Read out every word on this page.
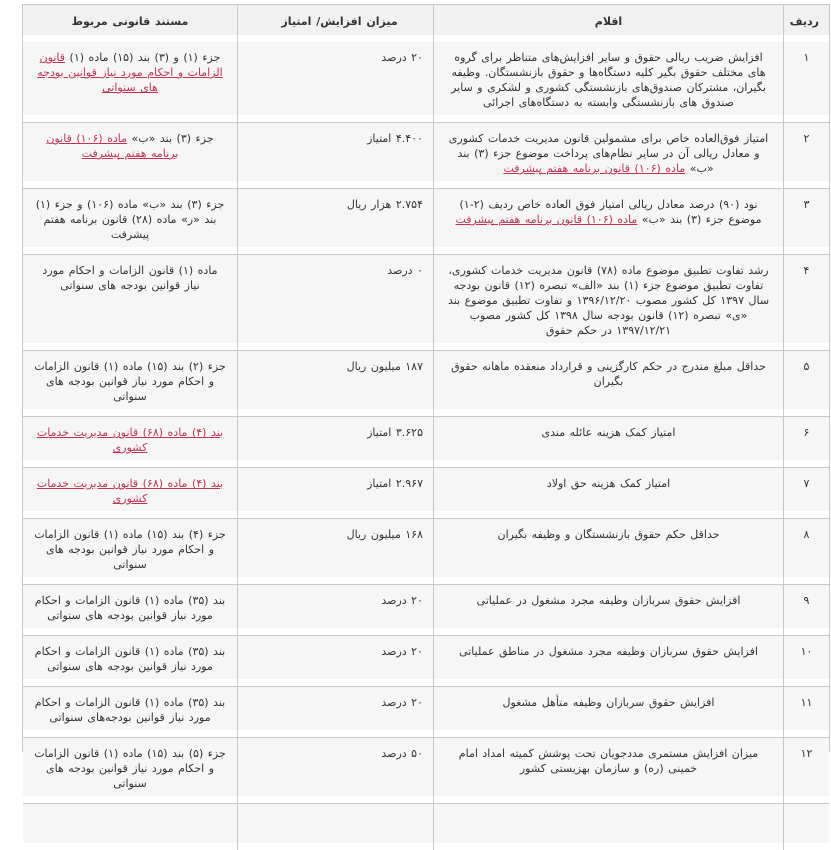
ردیف
اقلام
میزان افزایش/ امتیاز
مستند قانونی مربوط
۱
افزایش ضریب ریالی حقوق و سایر افزایش‌های متناظر برای گروه های مختلف حقوق بگیر کلیه دستگاه‌ها و حقوق بازنشستگان. وظیفه بگیران، مشترکان صندوق‌های بازنشستگی کشوری و لشکری و سایر صندوق های بازنشستگی وابسته به دستگاه‌های اجرائی
۲۰ درصد
جزء (۱) و (۳) بند (۱۵) ماده (۱) قانون الزامات و احکام مورد نیاز قوانین بودجه های سنواتی
۲
امتیاز فوق‌العاده خاص برای مشمولین قانون مدیریت خدمات کشوری و معادل ریالی آن در سایر نظام‌های پرداخت موضوع جزء (۳) بند «ب» ماده (۱۰۶) قانون برنامه هفتم پیشرفت
۴.۴۰۰ امتیاز
جزء (۳) بند «ب» ماده (۱۰۶) قانون برنامه هفتم پیشرفت
۳
نود (۹۰) درصد معادل ریالی امتیاز فوق العاده خاص ردیف (۲-۱) موضوع جزء (۳) بند «ب» ماده (۱۰۶) قانون برنامه هفتم پیشرفت
۲.۷۵۴ هزار ریال
جزء (۳) بند «ب» ماده (۱۰۶) و جزء (۱) بند «ر» ماده (۲۸) قانون برنامه هفتم پیشرفت
۴
رشد تفاوت تطبیق موضوع ماده (۷۸) قانون مدیریت خدمات کشوری، تفاوت تطبیق موضوع جزء (۱) بند «الف» تبصره (۱۲) قانون بودجه سال ۱۳۹۷ کل کشور مصوب ۱۳۹۶/۱۲/۲۰ و تفاوت تطبیق موضوع بند «ی» تبصره (۱۲) قانون بودجه سال ۱۳۹۸ کل کشور مصوب ۱۳۹۷/۱۲/۲۱ در حکم حقوق
۰ درصد
ماده (۱) قانون الزامات و احکام مورد نیاز قوانین بودجه های سنواتی
۵
حداقل مبلغ مندرج در حکم کارگزینی و قرارداد منعقده ماهانه حقوق بگیران
۱۸۷ میلیون ریال
جزء (۲) بند (۱۵) ماده (۱) قانون الزامات و احکام مورد نیاز قوانین بودجه های سنواتی
۶
امتیاز کمک هزینه عائله مندی
۳.۶۲۵ امتیاز
بند (۴) ماده (۶۸) قانون مدیریت خدمات کشوری
۷
امتیاز کمک هزینه حق اولاد
۲.۹۶۷ امتیاز
بند (۴) ماده (۶۸) قانون مدیریت خدمات کشوری
۸
حداقل حکم حقوق بازنشستگان و وظیفه بگیران
۱۶۸ میلیون ریال
جزء (۴) بند (۱۵) ماده (۱) قانون الزامات و احکام مورد نیاز قوانین بودجه های سنواتی
۹
افزایش حقوق سربازان وظیفه مجرد مشغول در عملیاتی
۲۰ درصد
بند (۳۵) ماده (۱) قانون الزامات و احکام مورد نیاز قوانین بودجه های سنواتی
۱۰
افزایش حقوق سربازان وظیفه مجرد مشغول در مناطق عملیاتی
۲۰ درصد
بند (۳۵) ماده (۱) قانون الزامات و احکام مورد نیاز قوانین بودجه های سنواتی
۱۱
افزایش حقوق سربازان وظیفه متأهل مشغول
۲۰ درصد
بند (۳۵) ماده (۱) قانون الزامات و احکام مورد نیاز قوانین بودجه‌های سنواتی
۱۲
میزان افزایش مستمری مددجویان تحت پوشش کمیته امداد امام خمینی (ره) و سازمان بهزیستی کشور
۵۰ درصد
جزء (۵) بند (۱۵) ماده (۱) قانون الزامات و احکام مورد نیاز قوانین بودجه های سنواتی
